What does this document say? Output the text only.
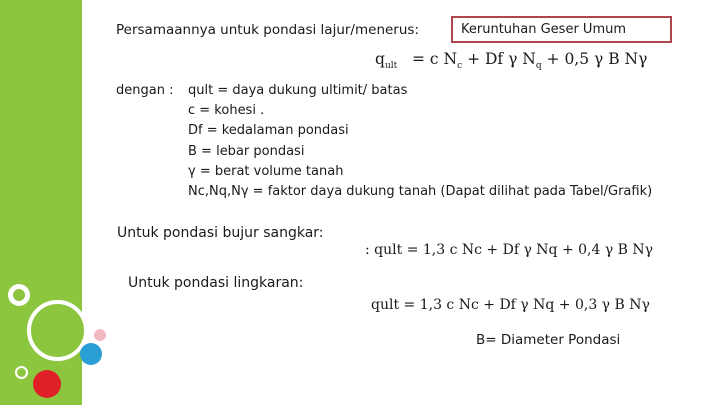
Persamaannya untuk pondasi lajur/menerus:	Keruntuhan Geser Umum
$q_{ult} = c$ $N_c + Df$ γ $N_q + 0,5$ γ B Nγ
dengan : qult = daya dukung ultimit/ batas
c = kohesi .
Df = kedalaman pondasi
B = lebar pondasi
γ = berat volume tanah
Nc,Nq,Nγ = faktor daya dukung tanah (Dapat dilihat pada Tabel/Grafik)
Untuk pondasi bujur sangkar:
: qult = 1,3 c Nc + Df γ Nq + 0,4 γ B Nγ
Untuk pondasi lingkaran:
qult = 1,3 c Nc + Df γ Nq + 0,3 γ B Nγ
B= Diameter Pondasi
